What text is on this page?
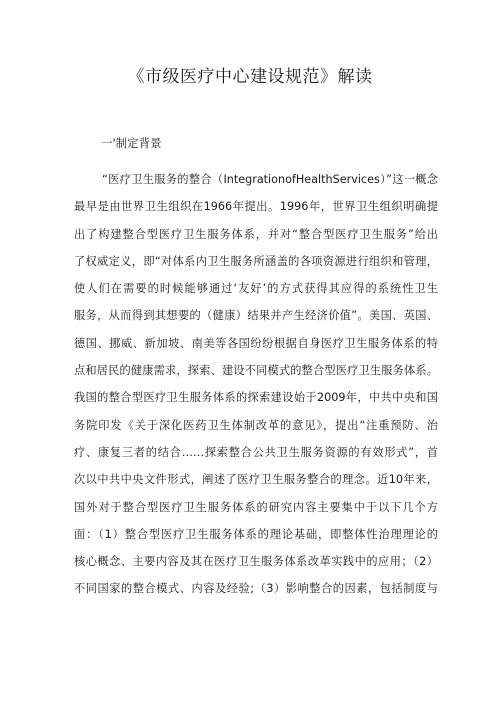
《市级医疗中心建设规范》解读
一'制定背景
“医疗卫生服务的整合（IntegrationofHealthServices）”这一概念
最早是由世界卫生组织在1966年提出。1996年，世界卫生组织明确提
出了构建整合型医疗卫生服务体系，并对“整合型医疗卫生服务”给出
了权威定义，即“对体系内卫生服务所涵盖的各项资源进行组织和管理，
使人们在需要的时候能够通过‘友好’的方式获得其应得的系统性卫生
服务，从而得到其想要的（健康）结果并产生经济价值”。美国、英国、
德国、挪威、新加坡、南美等各国纷纷根据自身医疗卫生服务体系的特
点和居民的健康需求，探索、建设不同模式的整合型医疗卫生服务体系。
我国的整合型医疗卫生服务体系的探索建设始于2009年，中共中央和国
务院印发《关于深化医药卫生体制改革的意见》，提出“注重预防、治
疗、康复三者的结合……探索整合公共卫生服务资源的有效形式”，首
次以中共中央文件形式，阐述了医疗卫生服务整合的理念。近10年来，
国外对于整合型医疗卫生服务体系的研究内容主要集中于以下几个方
面：（1）整合型医疗卫生服务体系的理论基础，即整体性治理理论的
核心概念、主要内容及其在医疗卫生服务体系改革实践中的应用；（2）
不同国家的整合模式、内容及经验;（3）影响整合的因素，包括制度与
